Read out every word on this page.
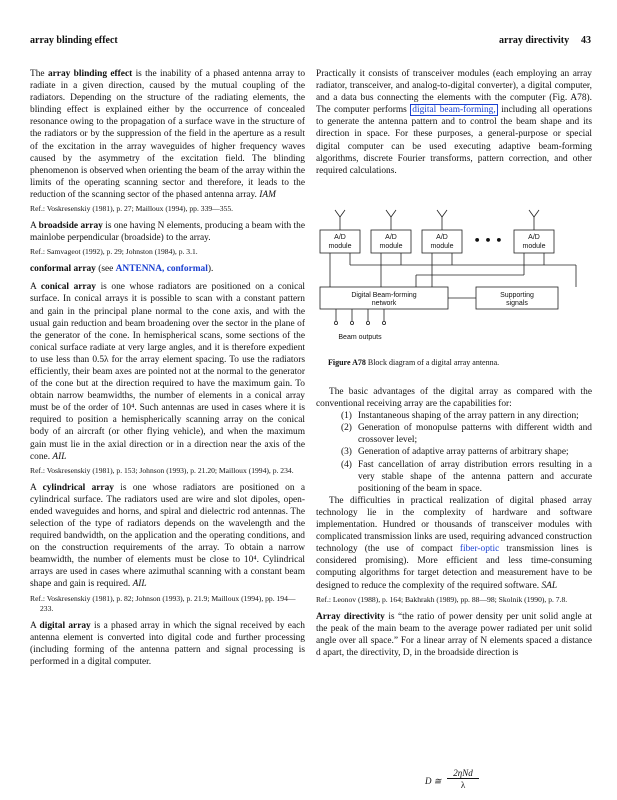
array blinding effect	array directivity 43

The array blinding effect is the inability of a phased antenna array to radiate in a given direction, caused by the mutual coupling of the radiators. Depending on the structure of the radiating elements, the blinding effect is explained either by the occurrence of concealed resonance owing to the propagation of a surface wave in the structure of the radiators or by the suppression of the field in the aperture as a result of the excitation in the array waveguides of higher frequency waves caused by the asymmetry of the excitation field. The blinding phenomenon is observed when orienting the beam of the array within the limits of the operating scanning sector and therefore, it leads to the reduction of the scanning sector of the phased antenna array. IAM

Ref.: Voskresenskiy (1981), p. 27; Mailloux (1994), pp. 339—355.

A broadside array is one having N elements, producing a beam with the mainlobe perpendicular (broadside) to the array.

Ref.: Samvageot (1992), p. 29; Johnston (1984), p. 3.1.

conformal array (see ANTENNA, conformal).

A conical array is one whose radiators are positioned on a conical surface. In conical arrays it is possible to scan with a constant pattern and gain in the principal plane normal to the cone axis, and with the usual gain reduction and beam broadening over the sector in the plane of the generator of the cone. In hemispherical scans, some sections of the conical surface radiate at very large angles, and it is therefore expedient to use less than 0.5λ for the array element spacing. To use the radiators efficiently, their beam axes are pointed not at the normal to the generator of the cone but at the direction required to have the maximum gain. To obtain narrow beamwidths, the number of elements in a conical array must be of the order of 10⁴. Such antennas are used in cases where it is required to position a hemispherically scanning array on the conical body of an aircraft (or other flying vehicle), and when the maximum gain must lie in the axial direction or in a direction near the axis of the cone. AIL

Ref.: Voskresenskiy (1981), p. 153; Johnson (1993), p. 21.20; Mailloux (1994), p. 234.

A cylindrical array is one whose radiators are positioned on a cylindrical surface. The radiators used are wire and slot dipoles, open-ended waveguides and horns, and spiral and dielectric rod antennas. The selection of the type of radiators depends on the wavelength and the required bandwidth, on the application and the operating conditions, and on the construction requirements of the array. To obtain a narrow beamwidth, the number of elements must be close to 10⁴. Cylindrical arrays are used in cases where azimuthal scanning with a constant beam shape and gain is required. AIL

Ref.: Voskresenskiy (1981), p. 82; Johnson (1993), p. 21.9; Mailloux (1994), pp. 194—233.

A digital array is a phased array in which the signal received by each antenna element is converted into digital code and further processing (including forming of the antenna pattern and signal processing is performed in a digital computer.

Practically it consists of transceiver modules (each employing an array radiator, transceiver, and analog-to-digital converter), a digital computer, and a data bus connecting the elements with the computer (Fig. A78). The computer performs digital beam-forming, including all operations to generate the antenna pattern and to control the beam shape and its direction in space. For these purposes, a general-purpose or special digital computer can be used executing adaptive beam-forming algorithms, discrete Fourier transforms, pattern correction, and other required calculations.

A/D
module
A/D
module
A/D
module
A/D
module
• • •
Digital Beam-forming
network
Supporting
signals
Beam outputs
Figure A78 Block diagram of a digital array antenna.

The basic advantages of the digital array as compared with the conventional receiving array are the capabilities for:

(1) Instantaneous shaping of the array pattern in any direction;
(2) Generation of monopulse patterns with different width and crossover level;
(3) Generation of adaptive array patterns of arbitrary shape;
(4) Fast cancellation of array distribution errors resulting in a very stable shape of the antenna pattern and accurate positioning of the beam in space.

The difficulties in practical realization of digital phased array technology lie in the complexity of hardware and software implementation. Hundred or thousands of transceiver modules with complicated transmission links are used, requiring advanced construction technology (the use of compact fiber-optic transmission lines is considered promising). More efficient and less time-consuming computing algorithms for target detection and measurement have to be designed to reduce the complexity of the required software. SAL

Ref.: Leonov (1988), p. 164; Bakhrakh (1989), pp. 88—98; Skolnik (1990), p. 7.8.

Array directivity is “the ratio of power density per unit solid angle at the peak of the main beam to the average power radiated per unit solid angle over all space.” For a linear array of N elements spaced a distance d apart, the directivity, D, in the broadside direction is

D ≅
2ηNd
λ
